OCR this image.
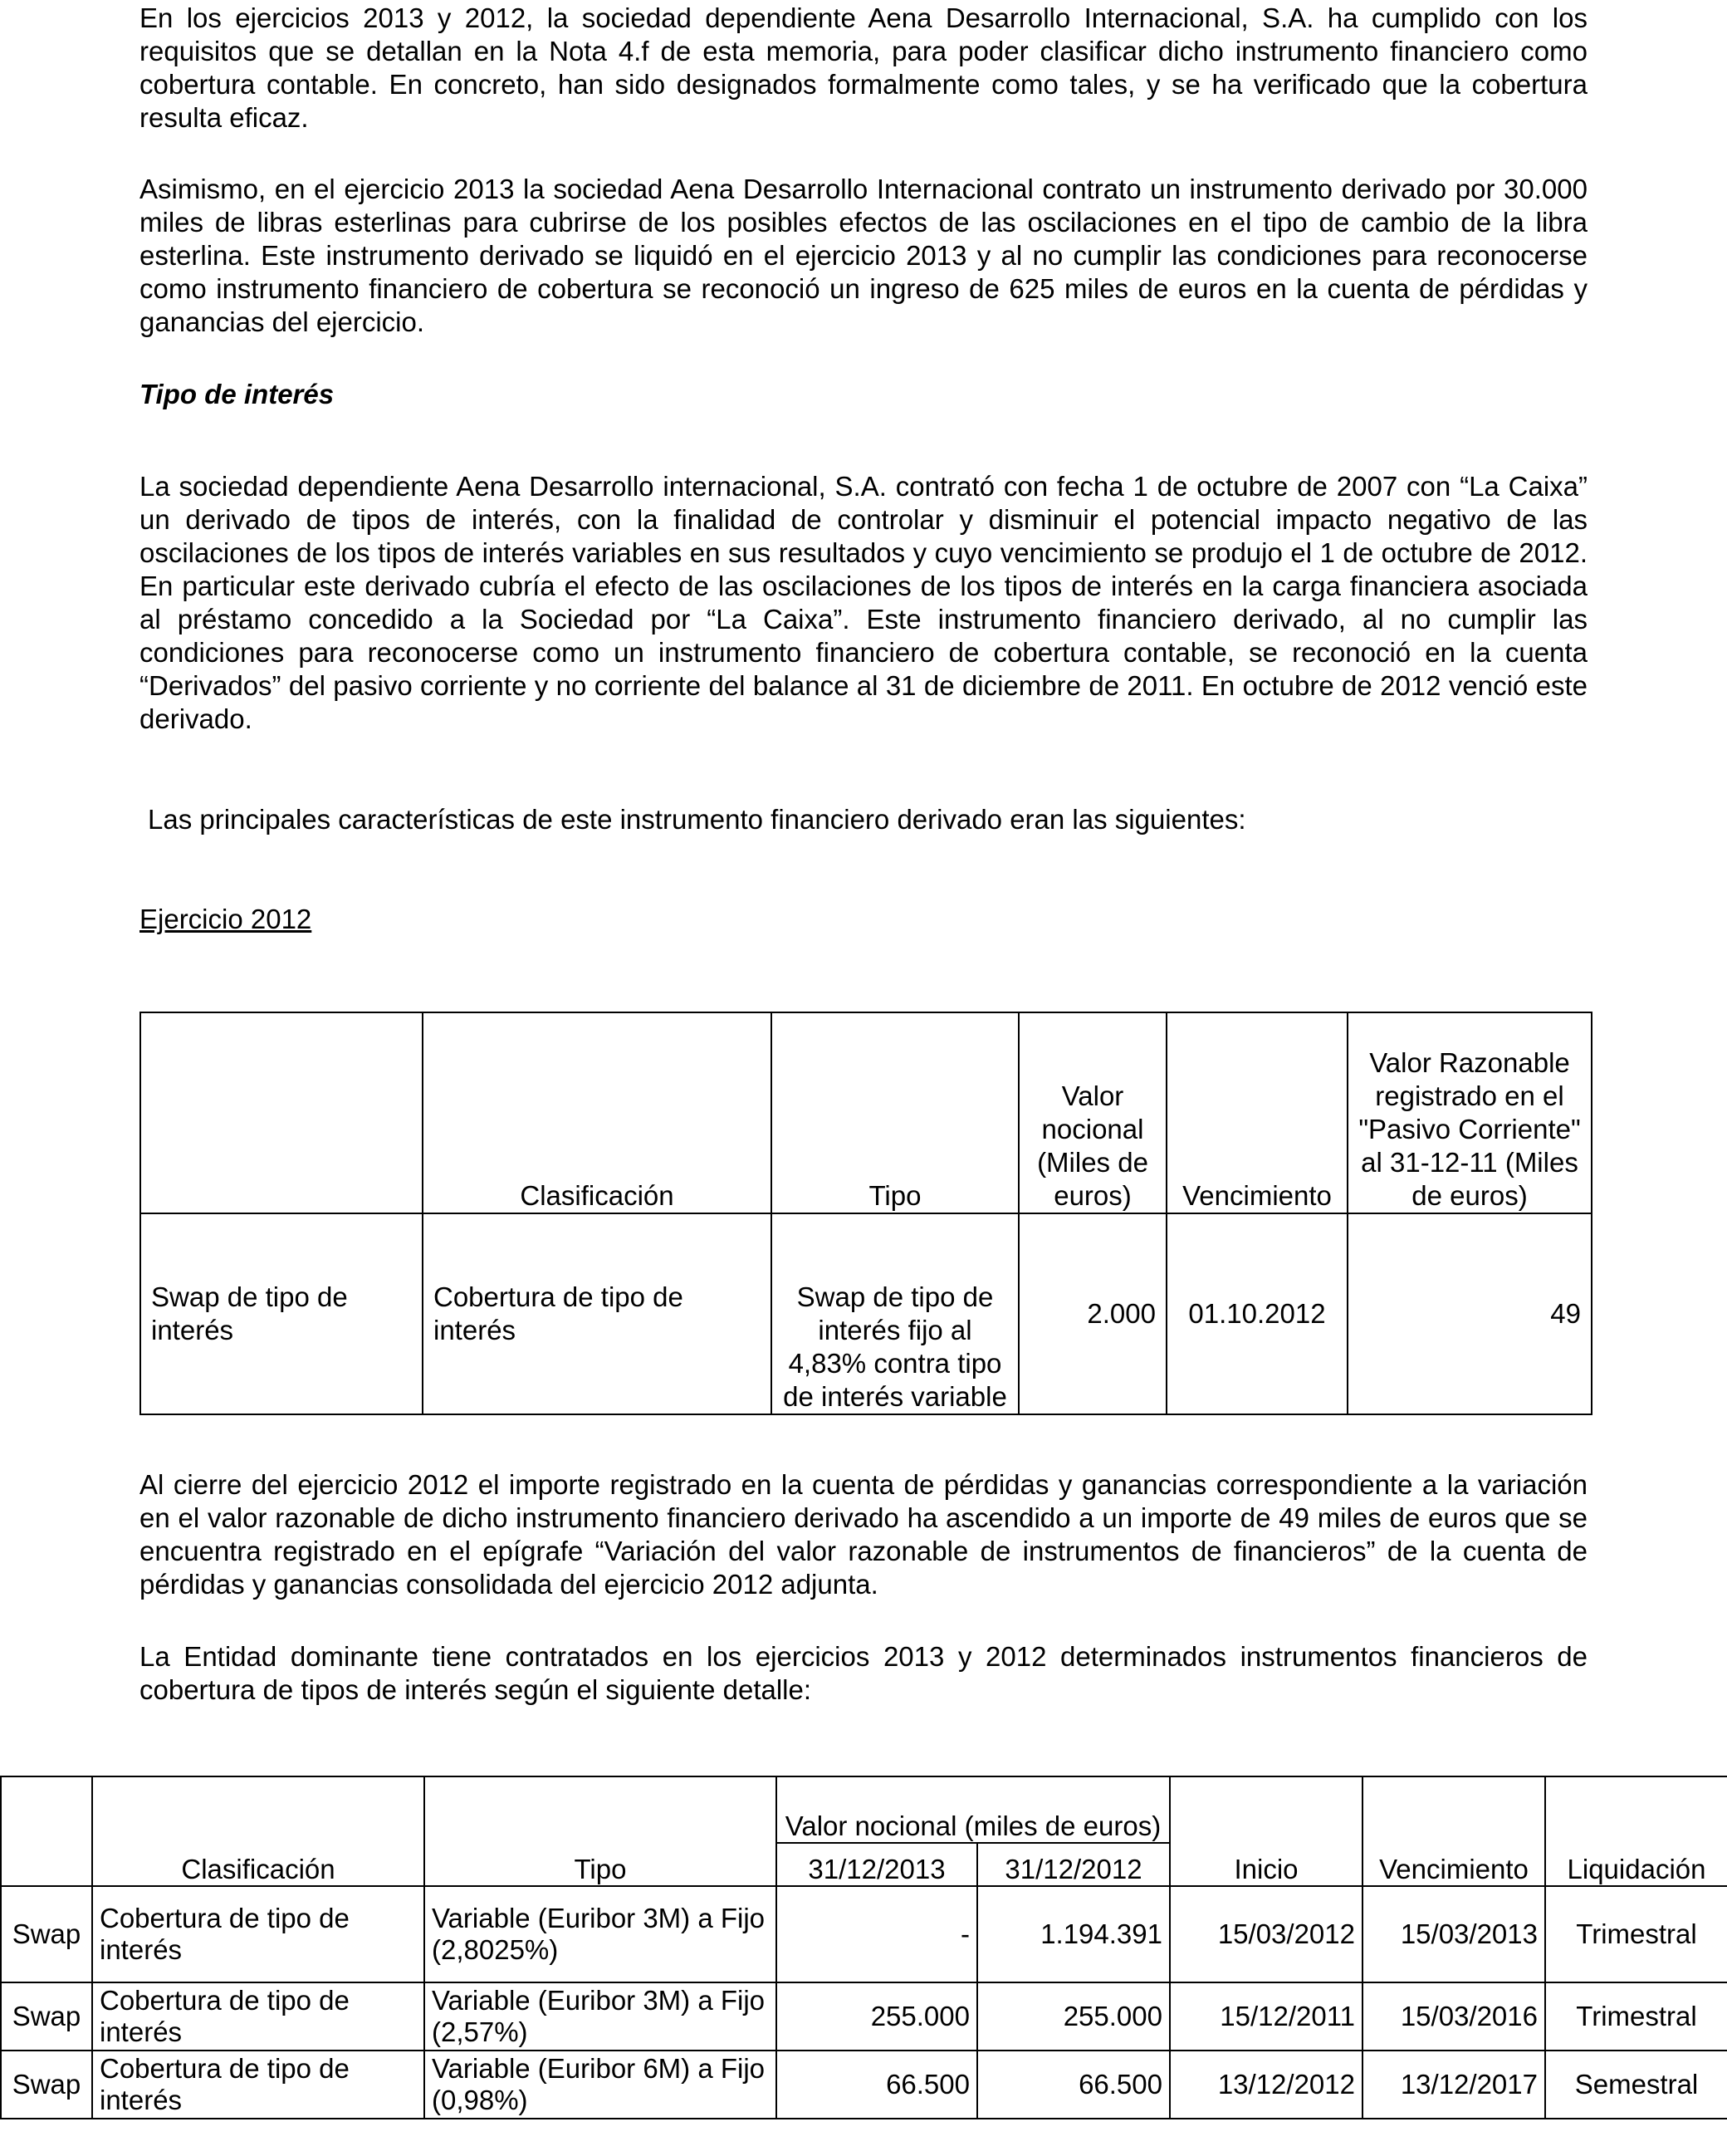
En los ejercicios 2013 y 2012, la sociedad dependiente Aena Desarrollo Internacional, S.A. ha cumplido con los requisitos que se detallan en la Nota 4.f de esta memoria, para poder clasificar dicho instrumento financiero como cobertura contable. En concreto, han sido designados formalmente como tales, y se ha verificado que la cobertura resulta eficaz.

Asimismo, en el ejercicio 2013 la sociedad Aena Desarrollo Internacional contrato un instrumento derivado por 30.000 miles de libras esterlinas para cubrirse de los posibles efectos de las oscilaciones en el tipo de cambio de la libra esterlina. Este instrumento derivado se liquidó en el ejercicio 2013 y al no cumplir las condiciones para reconocerse como instrumento financiero de cobertura se reconoció un ingreso de 625 miles de euros en la cuenta de pérdidas y ganancias del ejercicio.

Tipo de interés

La sociedad dependiente Aena Desarrollo internacional, S.A. contrató con fecha 1 de octubre de 2007 con “La Caixa” un derivado de tipos de interés, con la finalidad de controlar y disminuir el potencial impacto negativo de las oscilaciones de los tipos de interés variables en sus resultados y cuyo vencimiento se produjo el 1 de octubre de 2012. En particular este derivado cubría el efecto de las oscilaciones de los tipos de interés en la carga financiera asociada al préstamo concedido a la Sociedad por “La Caixa”. Este instrumento financiero derivado, al no cumplir las condiciones para reconocerse como un instrumento financiero de cobertura contable, se reconoció en la cuenta “Derivados” del pasivo corriente y no corriente del balance al 31 de diciembre de 2011. En octubre de 2012 venció este derivado.

Las principales características de este instrumento financiero derivado eran las siguientes:

Ejercicio 2012

	Clasificación	Tipo	Valor nocional (Miles de euros)	Vencimiento	Valor Razonable registrado en el "Pasivo Corriente" al 31-12-11 (Miles de euros)
Swap de tipo de interés	Cobertura de tipo de interés	Swap de tipo de interés fijo al 4,83% contra tipo de interés variable	2.000	01.10.2012	49

Al cierre del ejercicio 2012 el importe registrado en la cuenta de pérdidas y ganancias correspondiente a la variación en el valor razonable de dicho instrumento financiero derivado ha ascendido a un importe de 49 miles de euros que se encuentra registrado en el epígrafe “Variación del valor razonable de instrumentos de financieros” de la cuenta de pérdidas y ganancias consolidada del ejercicio 2012 adjunta.

La Entidad dominante tiene contratados en los ejercicios 2013 y 2012 determinados instrumentos financieros de cobertura de tipos de interés según el siguiente detalle:

	Clasificación	Tipo	Valor nocional (miles de euros)		Inicio	Vencimiento	Liquidación
			31/12/2013	31/12/2012			
Swap	Cobertura de tipo de interés	Variable (Euribor 3M) a Fijo (2,8025%)	-	1.194.391	15/03/2012	15/03/2013	Trimestral
Swap	Cobertura de tipo de interés	Variable (Euribor 3M) a Fijo (2,57%)	255.000	255.000	15/12/2011	15/03/2016	Trimestral
Swap	Cobertura de tipo de interés	Variable (Euribor 6M) a Fijo (0,98%)	66.500	66.500	13/12/2012	13/12/2017	Semestral
